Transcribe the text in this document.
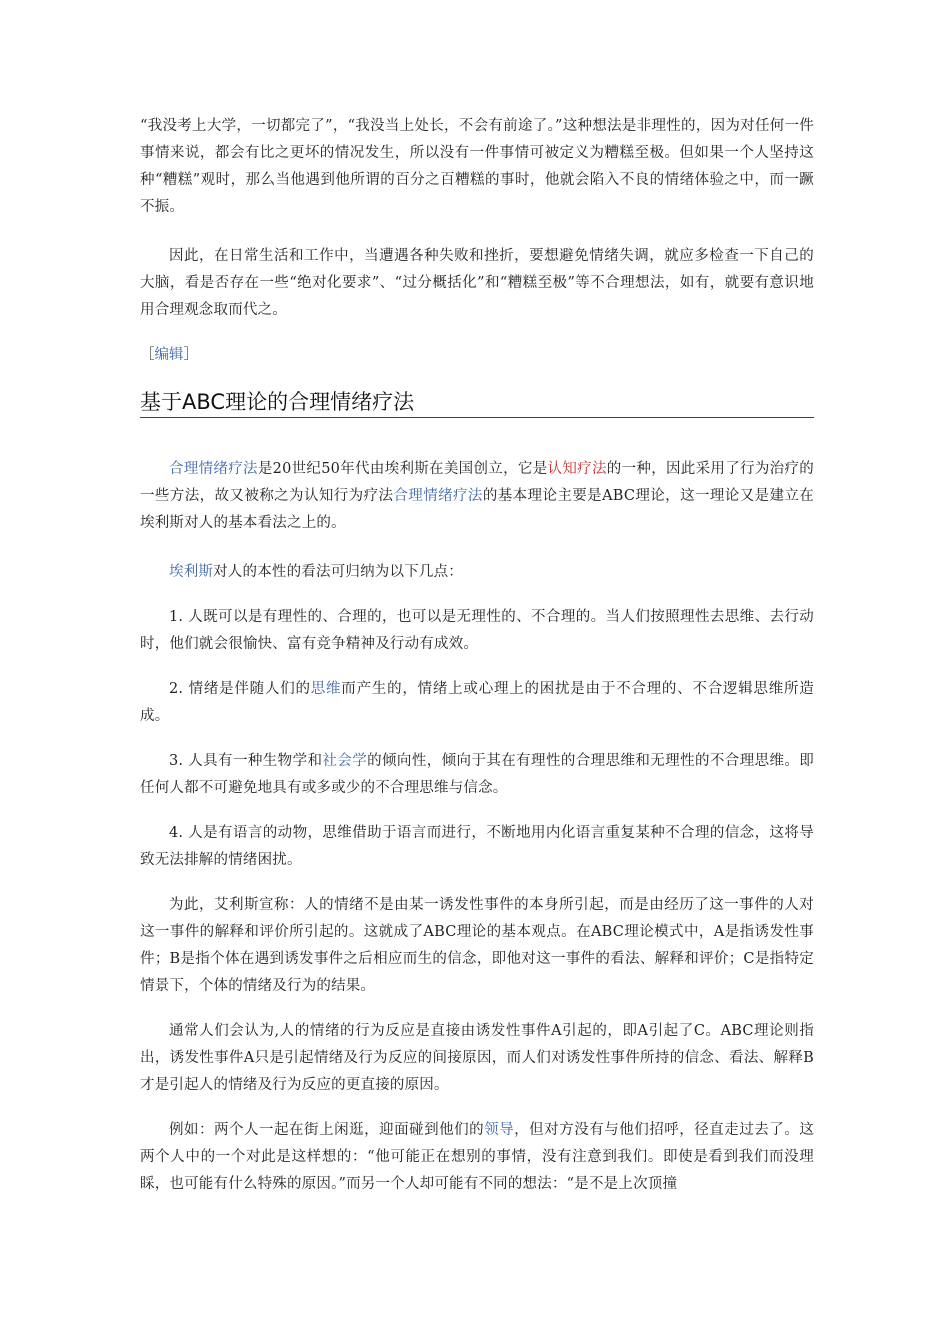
“我没考上大学，一切都完了”，“我没当上处长，不会有前途了。”这种想法是非理性的，因为对任何一件事情来说，都会有比之更坏的情况发生，所以没有一件事情可被定义为糟糕至极。但如果一个人坚持这种“糟糕”观时，那么当他遇到他所谓的百分之百糟糕的事时，他就会陷入不良的情绪体验之中，而一蹶不振。

因此，在日常生活和工作中，当遭遇各种失败和挫折，要想避免情绪失调，就应多检查一下自己的大脑，看是否存在一些“绝对化要求”、“过分概括化”和“糟糕至极”等不合理想法，如有，就要有意识地用合理观念取而代之。

［编辑］
基于ABC理论的合理情绪疗法

合理情绪疗法是20世纪50年代由埃利斯在美国创立，它是认知疗法的一种，因此采用了行为治疗的一些方法，故又被称之为认知行为疗法合理情绪疗法的基本理论主要是ABC理论，这一理论又是建立在埃利斯对人的基本看法之上的。

埃利斯对人的本性的看法可归纳为以下几点：

1. 人既可以是有理性的、合理的，也可以是无理性的、不合理的。当人们按照理性去思维、去行动时，他们就会很愉快、富有竞争精神及行动有成效。

2. 情绪是伴随人们的思维而产生的，情绪上或心理上的困扰是由于不合理的、不合逻辑思维所造成。

3. 人具有一种生物学和社会学的倾向性，倾向于其在有理性的合理思维和无理性的不合理思维。即任何人都不可避免地具有或多或少的不合理思维与信念。

4. 人是有语言的动物，思维借助于语言而进行，不断地用内化语言重复某种不合理的信念，这将导致无法排解的情绪困扰。

为此，艾利斯宣称：人的情绪不是由某一诱发性事件的本身所引起，而是由经历了这一事件的人对这一事件的解释和评价所引起的。这就成了ABC理论的基本观点。在ABC理论模式中，A是指诱发性事件；B是指个体在遇到诱发事件之后相应而生的信念，即他对这一事件的看法、解释和评价；C是指特定情景下，个体的情绪及行为的结果。

通常人们会认为,人的情绪的行为反应是直接由诱发性事件A引起的，即A引起了C。ABC理论则指出，诱发性事件A只是引起情绪及行为反应的间接原因，而人们对诱发性事件所持的信念、看法、解释B才是引起人的情绪及行为反应的更直接的原因。

例如：两个人一起在街上闲逛，迎面碰到他们的领导，但对方没有与他们招呼，径直走过去了。这两个人中的一个对此是这样想的：“他可能正在想别的事情，没有注意到我们。即使是看到我们而没理睬，也可能有什么特殊的原因。”而另一个人却可能有不同的想法：“是不是上次顶撞
